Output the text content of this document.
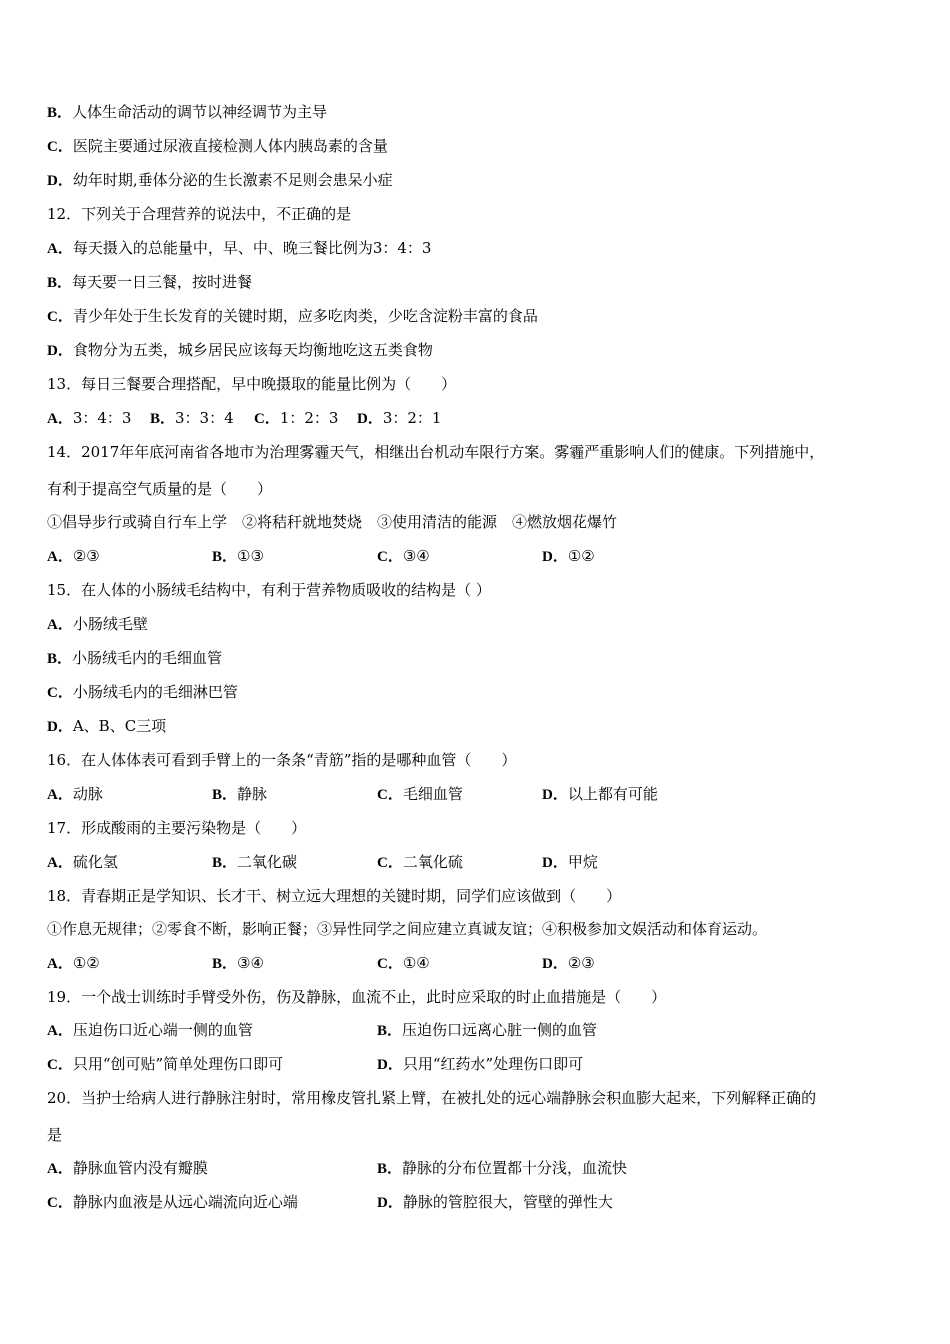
B．人体生命活动的调节以神经调节为主导
C．医院主要通过尿液直接检测人体内胰岛素的含量
D．幼年时期,垂体分泌的生长激素不足则会患呆小症
12．下列关于合理营养的说法中，不正确的是
A．每天摄入的总能量中，早、中、晚三餐比例为3：4：3
B．每天要一日三餐，按时进餐
C．青少年处于生长发育的关键时期，应多吃肉类，少吃含淀粉丰富的食品
D．食物分为五类，城乡居民应该每天均衡地吃这五类食物
13．每日三餐要合理搭配，早中晚摄取的能量比例为（　　）
A．3：4：3 B．3：3：4 C．1：2：3 D．3：2：1
14．2017年年底河南省各地市为治理雾霾天气，相继出台机动车限行方案。雾霾严重影响人们的健康。下列措施中，
有利于提高空气质量的是（　　）
①倡导步行或骑自行车上学　②将秸秆就地焚烧　③使用清洁的能源　④燃放烟花爆竹
A．②③	B．①③	C．③④	D．①②
15．在人体的小肠绒毛结构中，有利于营养物质吸收的结构是（ ）
A．小肠绒毛壁
B．小肠绒毛内的毛细血管
C．小肠绒毛内的毛细淋巴管
D．A、B、C三项
16．在人体体表可看到手臂上的一条条“青筋”指的是哪种血管（　　）
A．动脉	B．静脉	C．毛细血管	D．以上都有可能
17．形成酸雨的主要污染物是（　　）
A．硫化氢	B．二氧化碳	C．二氧化硫	D．甲烷
18．青春期正是学知识、长才干、树立远大理想的关键时期，同学们应该做到（　　）
①作息无规律；②零食不断，影响正餐；③异性同学之间应建立真诚友谊；④积极参加文娱活动和体育运动。
A．①②	B．③④	C．①④	D．②③
19．一个战士训练时手臂受外伤，伤及静脉，血流不止，此时应采取的时止血措施是（　　）
A．压迫伤口近心端一侧的血管	B．压迫伤口远离心脏一侧的血管
C．只用“创可贴”简单处理伤口即可	D．只用“红药水”处理伤口即可
20．当护士给病人进行静脉注射时，常用橡皮管扎紧上臂，在被扎处的远心端静脉会积血膨大起来，下列解释正确的
是
A．静脉血管内没有瓣膜	B．静脉的分布位置都十分浅，血流快
C．静脉内血液是从远心端流向近心端	D．静脉的管腔很大，管壁的弹性大
